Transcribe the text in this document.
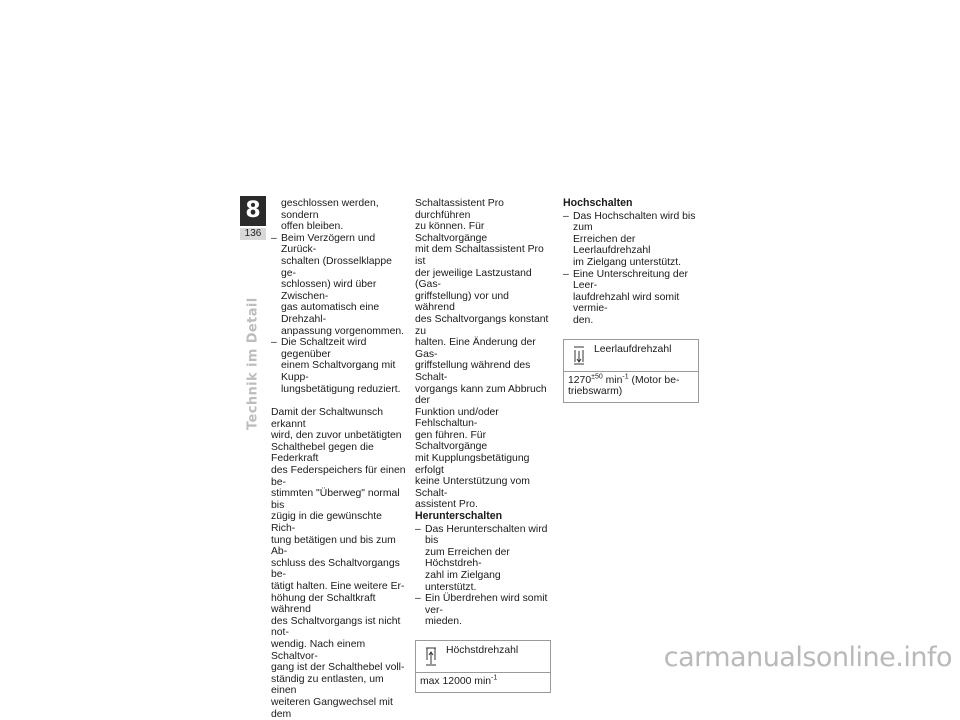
8
136
Technik im Detail
geschlossen werden, sondern
offen bleiben.
– Beim Verzögern und Zurück-
schalten (Drosselklappe ge-
schlossen) wird über Zwischen-
gas automatisch eine Drehzahl-
anpassung vorgenommen.
– Die Schaltzeit wird gegenüber
einem Schaltvorgang mit Kupp-
lungsbetätigung reduziert.
Damit der Schaltwunsch erkannt
wird, den zuvor unbetätigten
Schalthebel gegen die Federkraft
des Federspeichers für einen be-
stimmten "Überweg" normal bis
zügig in die gewünschte Rich-
tung betätigen und bis zum Ab-
schluss des Schaltvorgangs be-
tätigt halten. Eine weitere Er-
höhung der Schaltkraft während
des Schaltvorgangs ist nicht not-
wendig. Nach einem Schaltvor-
gang ist der Schalthebel voll-
ständig zu entlasten, um einen
weiteren Gangwechsel mit dem
Schaltassistent Pro durchführen
zu können. Für Schaltvorgänge
mit dem Schaltassistent Pro ist
der jeweilige Lastzustand (Gas-
griffstellung) vor und während
des Schaltvorgangs konstant zu
halten. Eine Änderung der Gas-
griffstellung während des Schalt-
vorgangs kann zum Abbruch der
Funktion und/oder Fehlschaltun-
gen führen. Für Schaltvorgänge
mit Kupplungsbetätigung erfolgt
keine Unterstützung vom Schalt-
assistent Pro.
Herunterschalten
– Das Herunterschalten wird bis
zum Erreichen der Höchstdreh-
zahl im Zielgang unterstützt.
– Ein Überdrehen wird somit ver-
mieden.
Höchstdrehzahl
max 12000 $\min^{-1}$
Hochschalten
– Das Hochschalten wird bis zum
Erreichen der Leerlaufdrehzahl
im Zielgang unterstützt.
– Eine Unterschreitung der Leer-
laufdrehzahl wird somit vermie-
den.
Leerlaufdrehzahl
$1270^{\pm 50}$ $\min^{-1}$ (Motor be-
triebswarm)
carmanualsonline.info
